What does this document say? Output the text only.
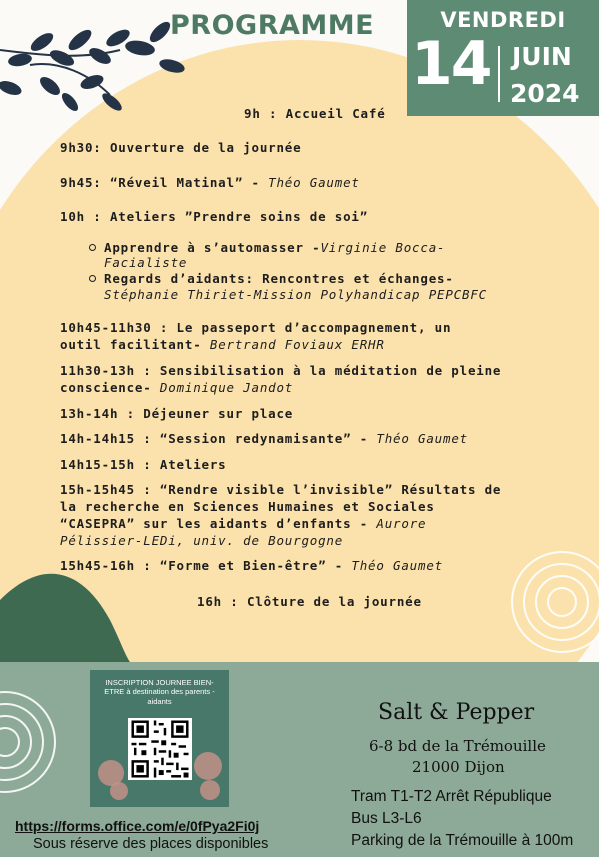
PROGRAMME	VENDREDI
14 JUIN
2024
9h : Accueil Café
9h30: Ouverture de la journée
9h45: “Réveil Matinal” - Théo Gaumet
10h : Ateliers ”Prendre soins de soi”
Apprendre à s’automasser -Virginie Bocca-
Facialiste
Regards d’aidants: Rencontres et échanges-
Stéphanie Thiriet-Mission Polyhandicap PEPCBFC
10h45-11h30 : Le passeport d’accompagnement, un
outil facilitant- Bertrand Foviaux ERHR
11h30-13h : Sensibilisation à la méditation de pleine
conscience- Dominique Jandot
13h-14h : Déjeuner sur place
14h-14h15 : “Session redynamisante” - Théo Gaumet
14h15-15h : Ateliers
15h-15h45 : “Rendre visible l’invisible” Résultats de
la recherche en Sciences Humaines et Sociales
“CASEPRA” sur les aidants d’enfants - Aurore
Pélissier-LEDi, univ. de Bourgogne
15h45-16h : “Forme et Bien-être” - Théo Gaumet
16h : Clôture de la journée
INSCRIPTION JOURNEE BIEN-ETRE à destination des parents - aidants
https://forms.office.com/e/0fPya2Fi0j
Sous réserve des places disponibles
Salt & Pepper
6-8 bd de la Trémouille
21000 Dijon
Tram T1-T2 Arrêt République
Bus L3-L6
Parking de la Trémouille à 100m
